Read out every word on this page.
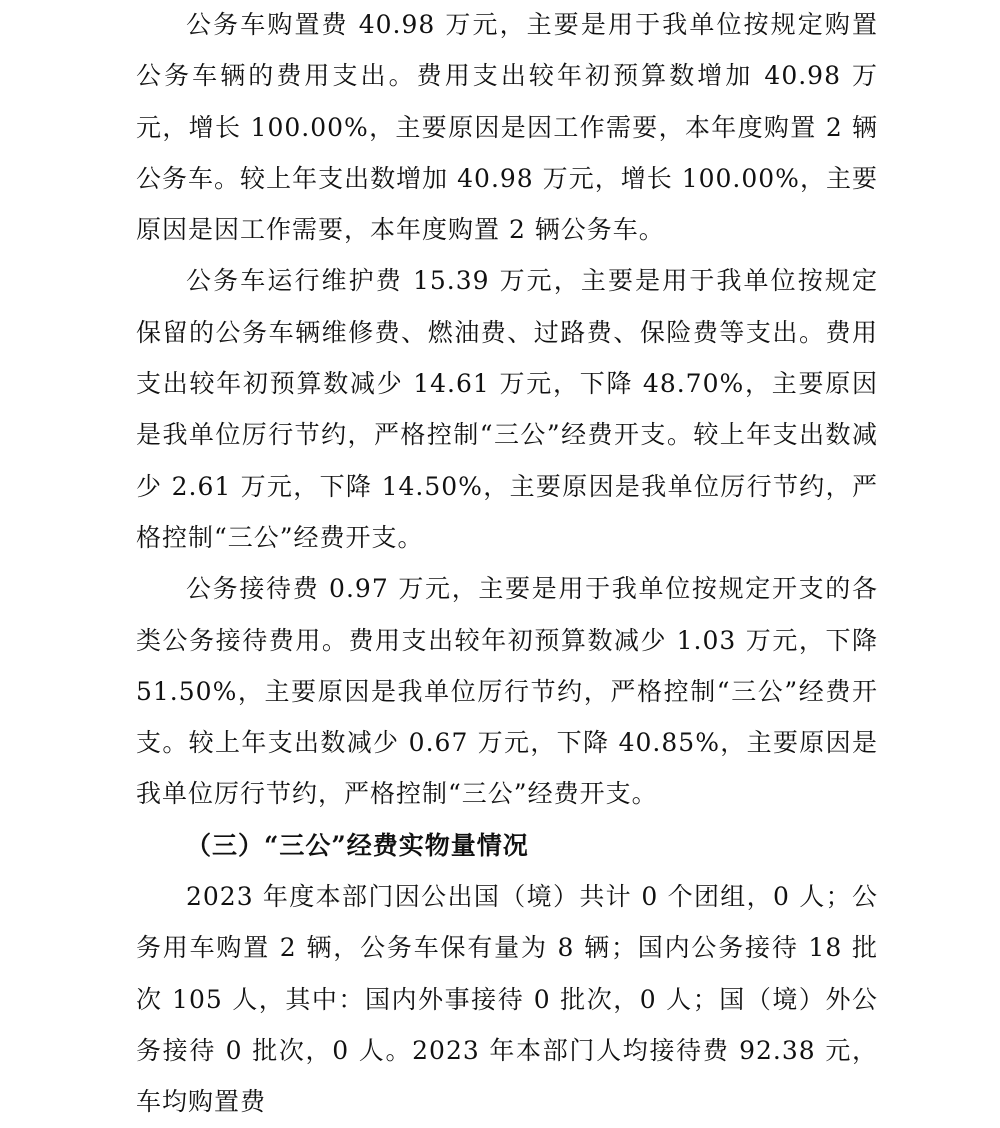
公务车购置费 40.98 万元，主要是用于我单位按规定购置公务车辆的费用支出。费用支出较年初预算数增加 40.98 万元，增长 100.00%，主要原因是因工作需要，本年度购置 2 辆公务车。较上年支出数增加 40.98 万元，增长 100.00%，主要原因是因工作需要，本年度购置 2 辆公务车。

公务车运行维护费 15.39 万元，主要是用于我单位按规定保留的公务车辆维修费、燃油费、过路费、保险费等支出。费用支出较年初预算数减少 14.61 万元，下降 48.70%，主要原因是我单位厉行节约，严格控制“三公”经费开支。较上年支出数减少 2.61 万元，下降 14.50%，主要原因是我单位厉行节约，严格控制“三公”经费开支。

公务接待费 0.97 万元，主要是用于我单位按规定开支的各类公务接待费用。费用支出较年初预算数减少 1.03 万元，下降 51.50%，主要原因是我单位厉行节约，严格控制“三公”经费开支。较上年支出数减少 0.67 万元，下降 40.85%，主要原因是我单位厉行节约，严格控制“三公”经费开支。

（三）“三公”经费实物量情况

2023 年度本部门因公出国（境）共计 0 个团组，0 人；公务用车购置 2 辆，公务车保有量为 8 辆；国内公务接待 18 批次 105 人，其中：国内外事接待 0 批次，0 人；国（境）外公务接待 0 批次，0 人。2023 年本部门人均接待费 92.38 元，车均购置费
